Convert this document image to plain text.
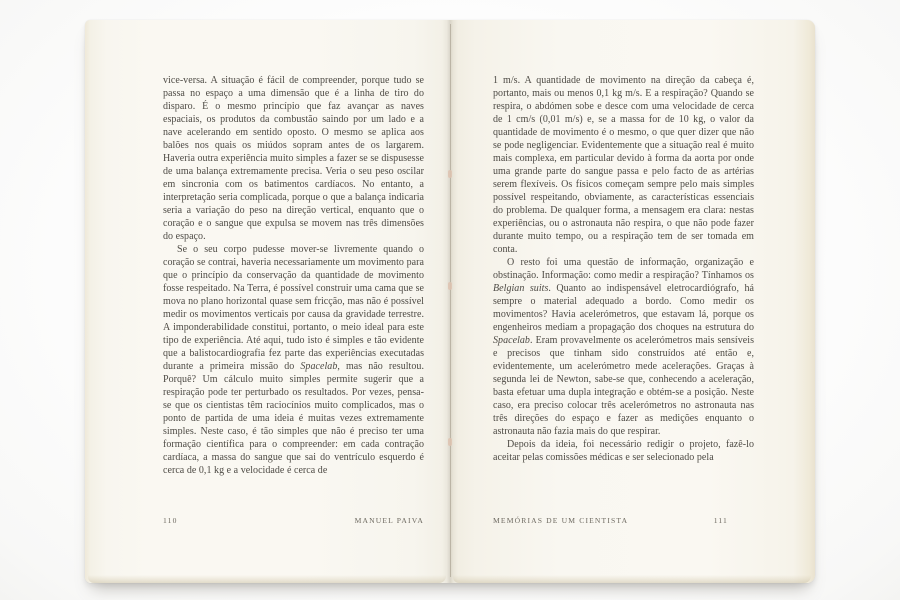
vice-versa. A situação é fácil de compreender, porque tudo se passa no espaço a uma dimensão que é a linha de tiro do disparo. É o mesmo princípio que faz avançar as naves espaciais, os produtos da combustão saindo por um lado e a nave acelerando em sentido oposto. O mesmo se aplica aos balões nos quais os miúdos sopram antes de os largarem. Haveria outra experiência muito simples a fazer se se dispusesse de uma balança extremamente precisa. Veria o seu peso oscilar em sincronia com os batimentos cardíacos. No entanto, a interpretação seria complicada, porque o que a balança indicaria seria a variação do peso na direção vertical, enquanto que o coração e o sangue que expulsa se movem nas três dimensões do espaço.

Se o seu corpo pudesse mover-se livremente quando o coração se contrai, haveria necessariamente um movimento para que o princípio da conservação da quantidade de movimento fosse respeitado. Na Terra, é possível construir uma cama que se mova no plano horizontal quase sem fricção, mas não é possível medir os movimentos verticais por causa da gravidade terrestre. A imponderabilidade constitui, portanto, o meio ideal para este tipo de experiência. Até aqui, tudo isto é simples e tão evidente que a balistocardiografia fez parte das experiências executadas durante a primeira missão do Spacelab, mas não resultou. Porquê? Um cálculo muito simples permite sugerir que a respiração pode ter perturbado os resultados. Por vezes, pensa-se que os cientistas têm raciocínios muito complicados, mas o ponto de partida de uma ideia é muitas vezes extremamente simples. Neste caso, é tão simples que não é preciso ter uma formação científica para o compreender: em cada contração cardíaca, a massa do sangue que sai do ventrículo esquerdo é cerca de 0,1 kg e a velocidade é cerca de

110	MANUEL PAIVA

1 m/s. A quantidade de movimento na direção da cabeça é, portanto, mais ou menos 0,1 kg m/s. E a respiração? Quando se respira, o abdómen sobe e desce com uma velocidade de cerca de 1 cm/s (0,01 m/s) e, se a massa for de 10 kg, o valor da quantidade de movimento é o mesmo, o que quer dizer que não se pode negligenciar. Evidentemente que a situação real é muito mais complexa, em particular devido à forma da aorta por onde uma grande parte do sangue passa e pelo facto de as artérias serem flexíveis. Os físicos começam sempre pelo mais simples possível respeitando, obviamente, as características essenciais do problema. De qualquer forma, a mensagem era clara: nestas experiências, ou o astronauta não respira, o que não pode fazer durante muito tempo, ou a respiração tem de ser tomada em conta.

O resto foi uma questão de informação, organização e obstinação. Informação: como medir a respiração? Tínhamos os Belgian suits. Quanto ao indispensável eletrocardiógrafo, há sempre o material adequado a bordo. Como medir os movimentos? Havia acelerómetros, que estavam lá, porque os engenheiros mediam a propagação dos choques na estrutura do Spacelab. Eram provavelmente os acelerómetros mais sensíveis e precisos que tinham sido construídos até então e, evidentemente, um acelerómetro mede acelerações. Graças à segunda lei de Newton, sabe-se que, conhecendo a aceleração, basta efetuar uma dupla integração e obtém-se a posição. Neste caso, era preciso colocar três acelerómetros no astronauta nas três direções do espaço e fazer as medições enquanto o astronauta não fazia mais do que respirar.

Depois da ideia, foi necessário redigir o projeto, fazê-lo aceitar pelas comissões médicas e ser selecionado pela

MEMÓRIAS DE UM CIENTISTA	111
